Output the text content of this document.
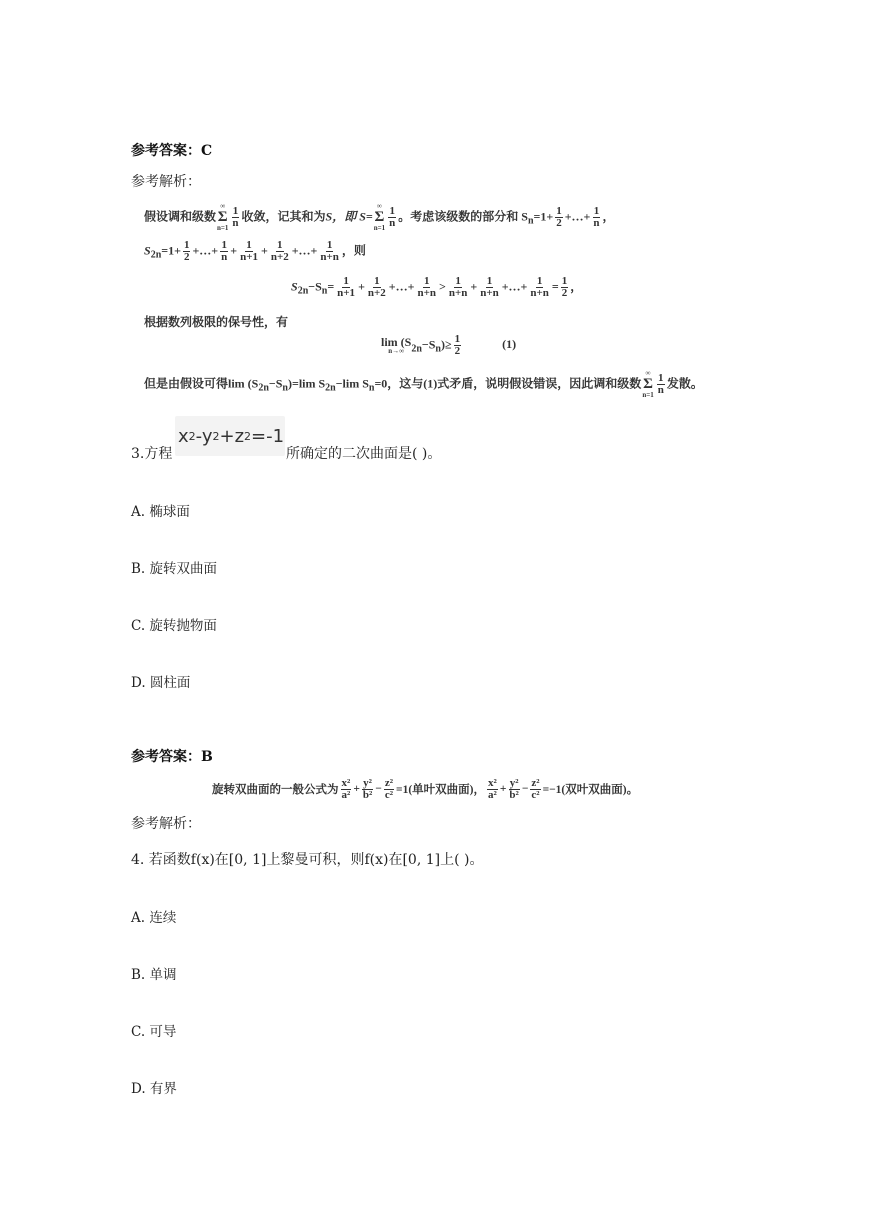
参考答案：C
参考解析：
假设调和级数
∞
Σ
$n=1 \frac{1}{n}$ 收敛，记其和为S，即 S=
∞
Σ
$n=1 \frac{1}{n}$ 。考虑该级数的部分和 $S_n=1+ \frac{1}{2}$ +…+ $\frac{1}{n}$ ，
$S_{2n}=1+ \frac{1}{2}$ +…+ $\frac{1}{n} + \frac{1}{n+1} + \frac{1}{n+2}$ +…+ $\frac{1}{n+n}$ ，则
$S_{2n}-S_n= \frac{1}{n+1} + \frac{1}{n+2}$ +…+ $\frac{1}{n+n} > \frac{1}{n+n} + \frac{1}{n+n}$ +…+ $\frac{1}{n+n} = \frac{1}{2}$ ，
根据数列极限的保号性，有
lim (S
n→∞ $_{2n}-S_n)\ge \frac{1}{2}$	(1)
但是由假设可得$\lim (S_{2n}-S_n)=\lim$ $S_{2n}-\lim$ $S_n=0$，这与(1)式矛盾，说明假设错误，因此调和级数
∞
Σ
$n=1 \frac{1}{n}$ 发散。
3.方程
x 2 -y 2 +z 2 =-1
所确定的二次曲面是( )。
A. 椭球面
B. 旋转双曲面
C. 旋转抛物面
D. 圆柱面
参考答案：B
旋转双曲面的一般公式为 $\frac{\text{x²}}{\text{a²}} + \frac{\text{y²}}{\text{b²}} - \frac{\text{z²}}{\text{c²}} =1$(单叶双曲面)， $\frac{\text{x²}}{\text{a²}} + \frac{\text{y²}}{\text{b²}} - \frac{\text{z²}}{\text{c²}} =-1$(双叶双曲面)。
参考解析：
4. 若函数f(x)在[0, 1]上黎曼可积，则f(x)在[0, 1]上( )。
A. 连续
B. 单调
C. 可导
D. 有界
